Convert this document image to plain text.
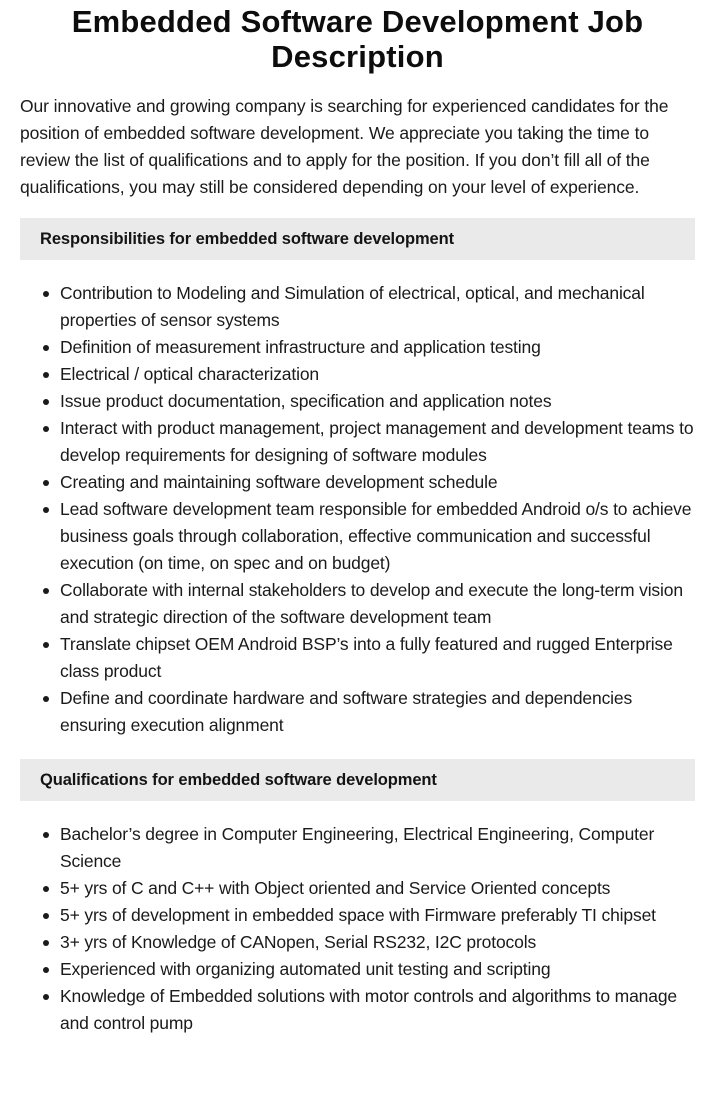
Embedded Software Development Job Description

Our innovative and growing company is searching for experienced candidates for the position of embedded software development. We appreciate you taking the time to review the list of qualifications and to apply for the position. If you don’t fill all of the qualifications, you may still be considered depending on your level of experience.

Responsibilities for embedded software development
Contribution to Modeling and Simulation of electrical, optical, and mechanical properties of sensor systems
Definition of measurement infrastructure and application testing
Electrical / optical characterization
Issue product documentation, specification and application notes
Interact with product management, project management and development teams to develop requirements for designing of software modules
Creating and maintaining software development schedule
Lead software development team responsible for embedded Android o/s to achieve business goals through collaboration, effective communication and successful execution (on time, on spec and on budget)
Collaborate with internal stakeholders to develop and execute the long-term vision and strategic direction of the software development team
Translate chipset OEM Android BSP’s into a fully featured and rugged Enterprise class product
Define and coordinate hardware and software strategies and dependencies ensuring execution alignment
Qualifications for embedded software development
Bachelor’s degree in Computer Engineering, Electrical Engineering, Computer Science
5+ yrs of C and C++ with Object oriented and Service Oriented concepts
5+ yrs of development in embedded space with Firmware preferably TI chipset
3+ yrs of Knowledge of CANopen, Serial RS232, I2C protocols
Experienced with organizing automated unit testing and scripting
Knowledge of Embedded solutions with motor controls and algorithms to manage and control pump
